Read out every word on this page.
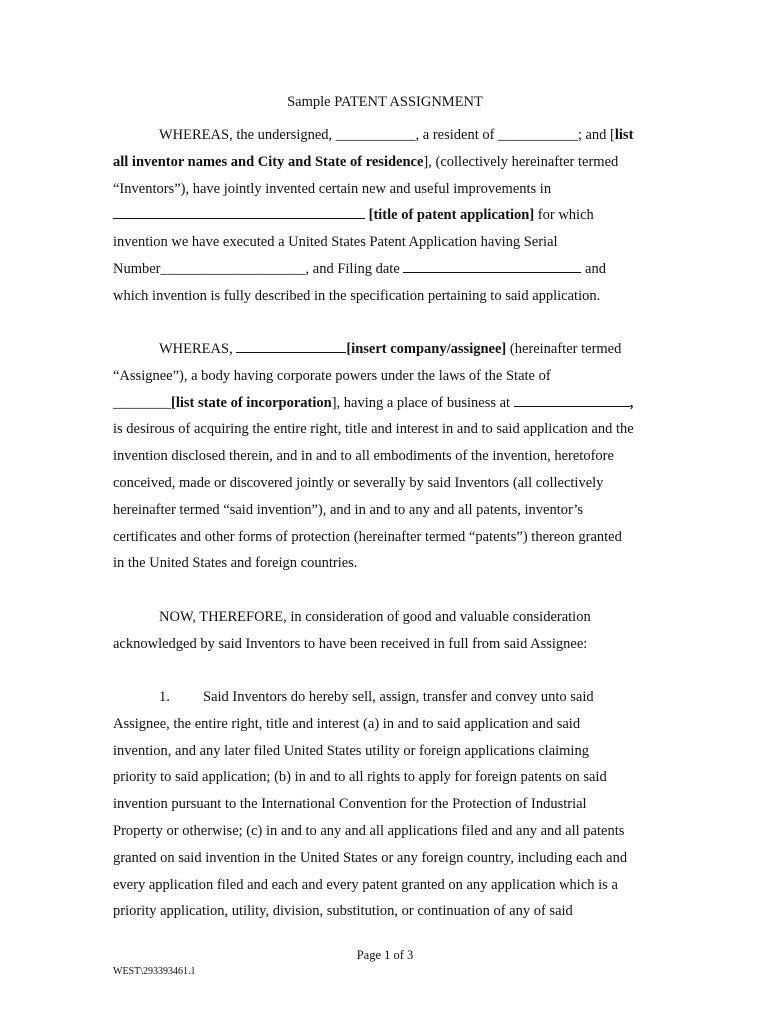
Sample PATENT ASSIGNMENT
WHEREAS, the undersigned, ___________, a resident of ___________; and [list
all inventor names and City and State of residence], (collectively hereinafter termed
“Inventors”), have jointly invented certain new and useful improvements in
[title of patent application] for which
invention we have executed a United States Patent Application having Serial
Number____________________, and Filing date	and
which invention is fully described in the specification pertaining to said application.
WHEREAS,	[insert company/assignee] (hereinafter termed
“Assignee”), a body having corporate powers under the laws of the State of
________[list state of incorporation], having a place of business at	,
is desirous of acquiring the entire right, title and interest in and to said application and the
invention disclosed therein, and in and to all embodiments of the invention, heretofore
conceived, made or discovered jointly or severally by said Inventors (all collectively
hereinafter termed “said invention”), and in and to any and all patents, inventor’s
certificates and other forms of protection (hereinafter termed “patents”) thereon granted
in the United States and foreign countries.
NOW, THEREFORE, in consideration of good and valuable consideration
acknowledged by said Inventors to have been received in full from said Assignee:
1. Said Inventors do hereby sell, assign, transfer and convey unto said
Assignee, the entire right, title and interest (a) in and to said application and said
invention, and any later filed United States utility or foreign applications claiming
priority to said application; (b) in and to all rights to apply for foreign patents on said
invention pursuant to the International Convention for the Protection of Industrial
Property or otherwise; (c) in and to any and all applications filed and any and all patents
granted on said invention in the United States or any foreign country, including each and
every application filed and each and every patent granted on any application which is a
priority application, utility, division, substitution, or continuation of any of said
Page 1 of 3
WEST\293393461.1
